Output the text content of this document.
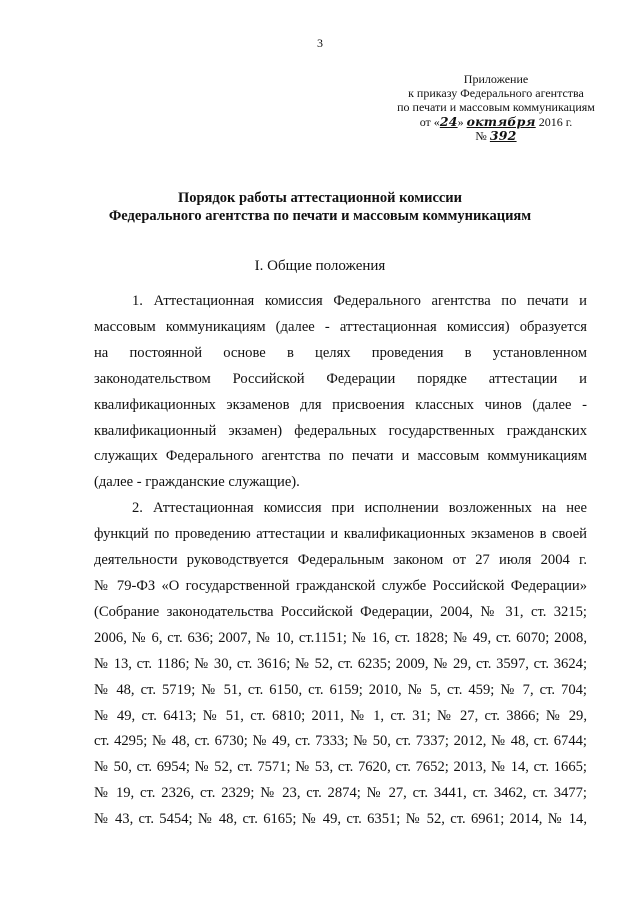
3
Приложение
к приказу Федерального агентства
по печати и массовым коммуникациям
от «24» октября 2016 г.
№ 392
Порядок работы аттестационной комиссии
Федерального агентства по печати и массовым коммуникациям
I. Общие положения

1. Аттестационная комиссия Федерального агентства по печати и
массовым коммуникациям (далее - аттестационная комиссия) образуется
на постоянной основе в целях проведения в установленном
законодательством Российской Федерации порядке аттестации и
квалификационных экзаменов для присвоения классных чинов (далее -
квалификационный экзамен) федеральных государственных гражданских
служащих Федерального агентства по печати и массовым коммуникациям
(далее - гражданские служащие).

2. Аттестационная комиссия при исполнении возложенных на нее
функций по проведению аттестации и квалификационных экзаменов в своей
деятельности руководствуется Федеральным законом от 27 июля 2004 г.
№ 79-ФЗ «О государственной гражданской службе Российской Федерации»
(Собрание законодательства Российской Федерации, 2004, № 31, ст. 3215;
2006, № 6, ст. 636; 2007, № 10, ст.1151; № 16, ст. 1828; № 49, ст. 6070; 2008,
№ 13, ст. 1186; № 30, ст. 3616; № 52, ст. 6235; 2009, № 29, ст. 3597, ст. 3624;
№ 48, ст. 5719; № 51, ст. 6150, ст. 6159; 2010, № 5, ст. 459; № 7, ст. 704;
№ 49, ст. 6413; № 51, ст. 6810; 2011, № 1, ст. 31; № 27, ст. 3866; № 29,
ст. 4295; № 48, ст. 6730; № 49, ст. 7333; № 50, ст. 7337; 2012, № 48, ст. 6744;
№ 50, ст. 6954; № 52, ст. 7571; № 53, ст. 7620, ст. 7652; 2013, № 14, ст. 1665;
№ 19, ст. 2326, ст. 2329; № 23, ст. 2874; № 27, ст. 3441, ст. 3462, ст. 3477;
№ 43, ст. 5454; № 48, ст. 6165; № 49, ст. 6351; № 52, ст. 6961; 2014, № 14,
